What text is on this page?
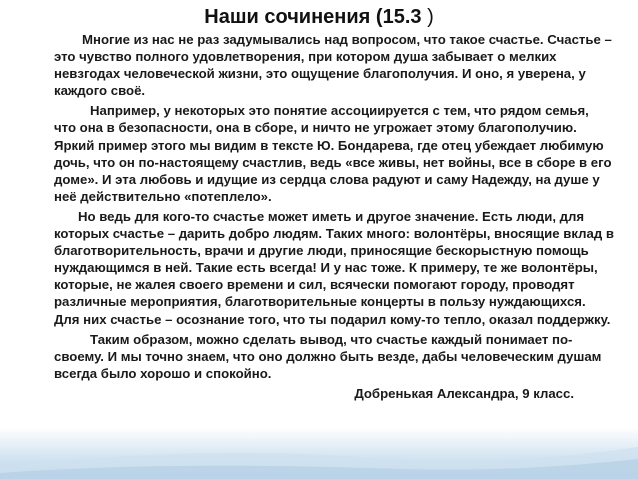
Наши сочинения (15.3 )

Многие из нас не раз задумывались над вопросом, что такое счастье. Счастье – это чувство полного удовлетворения, при котором душа забывает о мелких невзгодах человеческой жизни, это ощущение благополучия. И оно, я уверена, у каждого своё.

Например, у некоторых это понятие ассоциируется с тем, что рядом семья, что она в безопасности, она в сборе, и ничто не угрожает этому благополучию. Яркий пример этого мы видим в тексте Ю. Бондарева, где отец убеждает любимую дочь, что он по-настоящему счастлив, ведь «все живы, нет войны, все в сборе в его доме». И эта любовь и идущие из сердца слова радуют и саму Надежду, на душе у неё действительно «потеплело».

Но ведь для кого-то счастье может иметь и другое значение. Есть люди, для которых счастье – дарить добро людям. Таких много: волонтёры, вносящие вклад в благотворительность, врачи и другие люди, приносящие бескорыстную помощь нуждающимся в ней. Такие есть всегда! И у нас тоже. К примеру, те же волонтёры, которые, не жалея своего времени и сил, всячески помогают городу, проводят различные мероприятия, благотворительные концерты в пользу нуждающихся. Для них счастье – осознание того, что ты подарил кому-то тепло, оказал поддержку.

Таким образом, можно сделать вывод, что счастье каждый понимает по-своему. И мы точно знаем, что оно должно быть везде, дабы человеческим душам всегда было хорошо и спокойно.

Добренькая Александра, 9 класс.
